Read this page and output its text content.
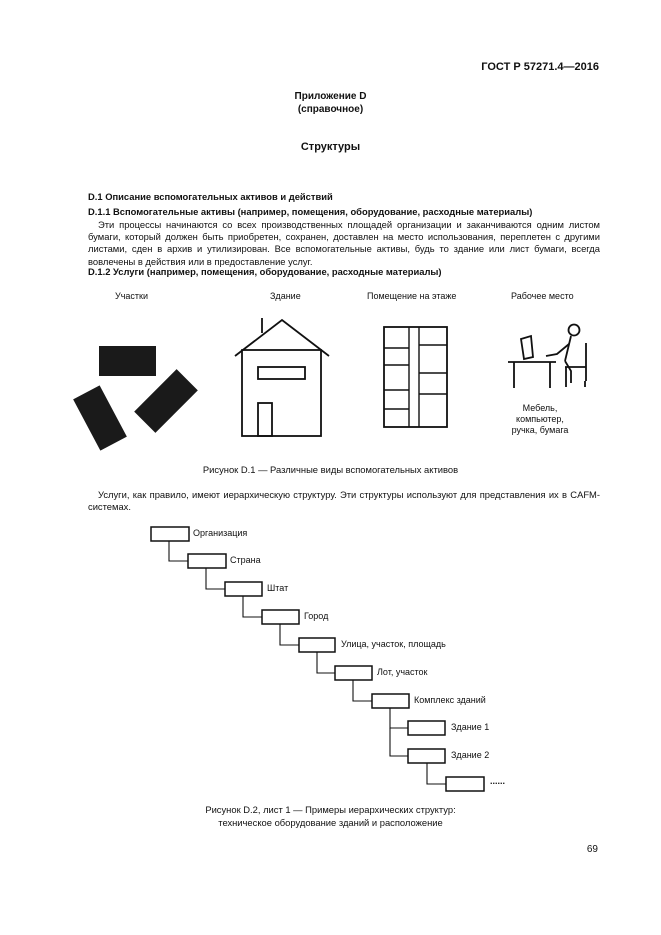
ГОСТ Р 57271.4—2016
Приложение D
(справочное)
Структуры
D.1 Описание вспомогательных активов и действий
D.1.1 Вспомогательные активы (например, помещения, оборудование, расходные материалы)
Эти процессы начинаются со всех производственных площадей организации и заканчиваются одним листом бумаги, который должен быть приобретен, сохранен, доставлен на место использования, переплетен с другими листами, сден в архив и утилизирован. Все вспомогательные активы, будь то здание или лист бумаги, всегда вовлечены в действия или в предоставление услуг.
D.1.2 Услуги (например, помещения, оборудование, расходные материалы)
Участки	Здание	Помещение на этаже	Рабочее место
Мебель,
компьютер,
ручка, бумага
Рисунок D.1 — Различные виды вспомогательных активов
Услуги, как правило, имеют иерархическую структуру. Эти структуры используют для представления их в CAFM-системах.
Организация
Страна
Штат
Город
Улица, участок, площадь
Лот, участок
Комплекс зданий
Здание 1
Здание 2
......
Рисунок D.2, лист 1 — Примеры иерархических структур:
техническое оборудование зданий и расположение
69
